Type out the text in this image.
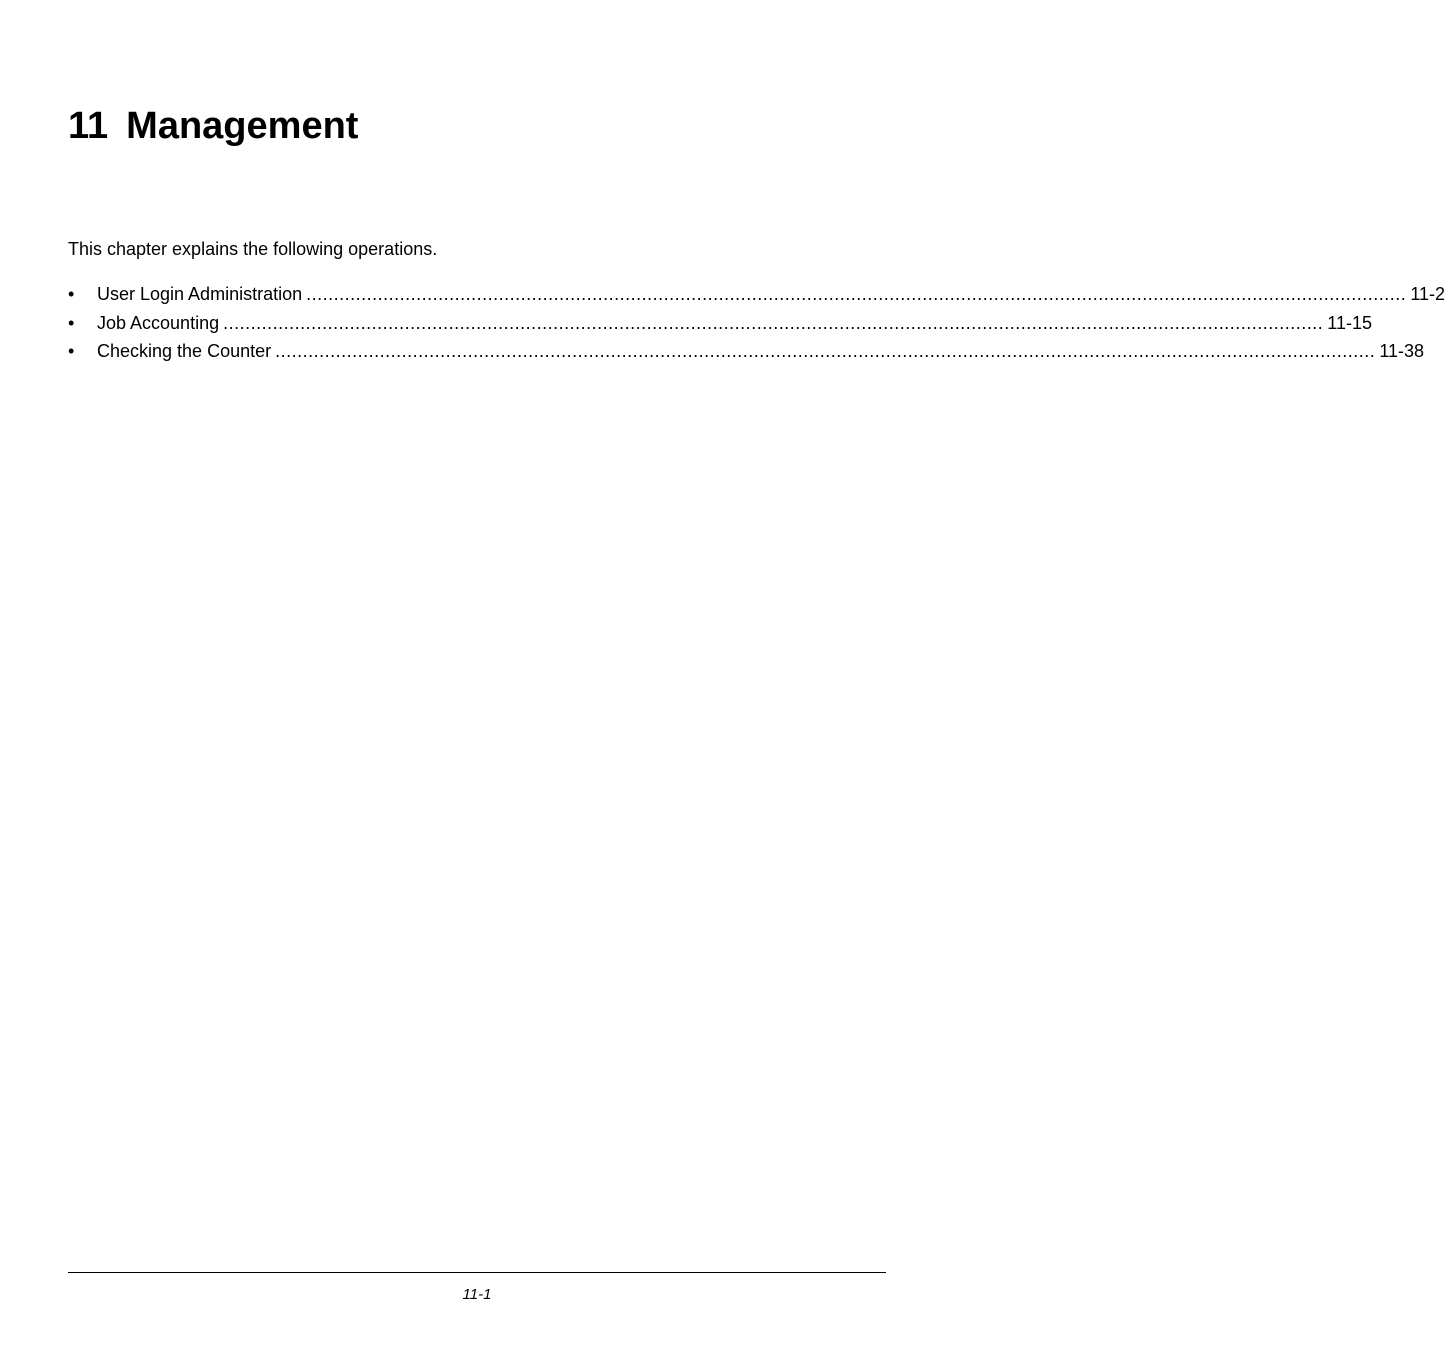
11 Management

This chapter explains the following operations.

•	User Login Administration ........................................................................................................................................................................................................ 11-2
•	Job Accounting ........................................................................................................................................................................................................ 11-15
•	Checking the Counter ........................................................................................................................................................................................................ 11-38
11-1
